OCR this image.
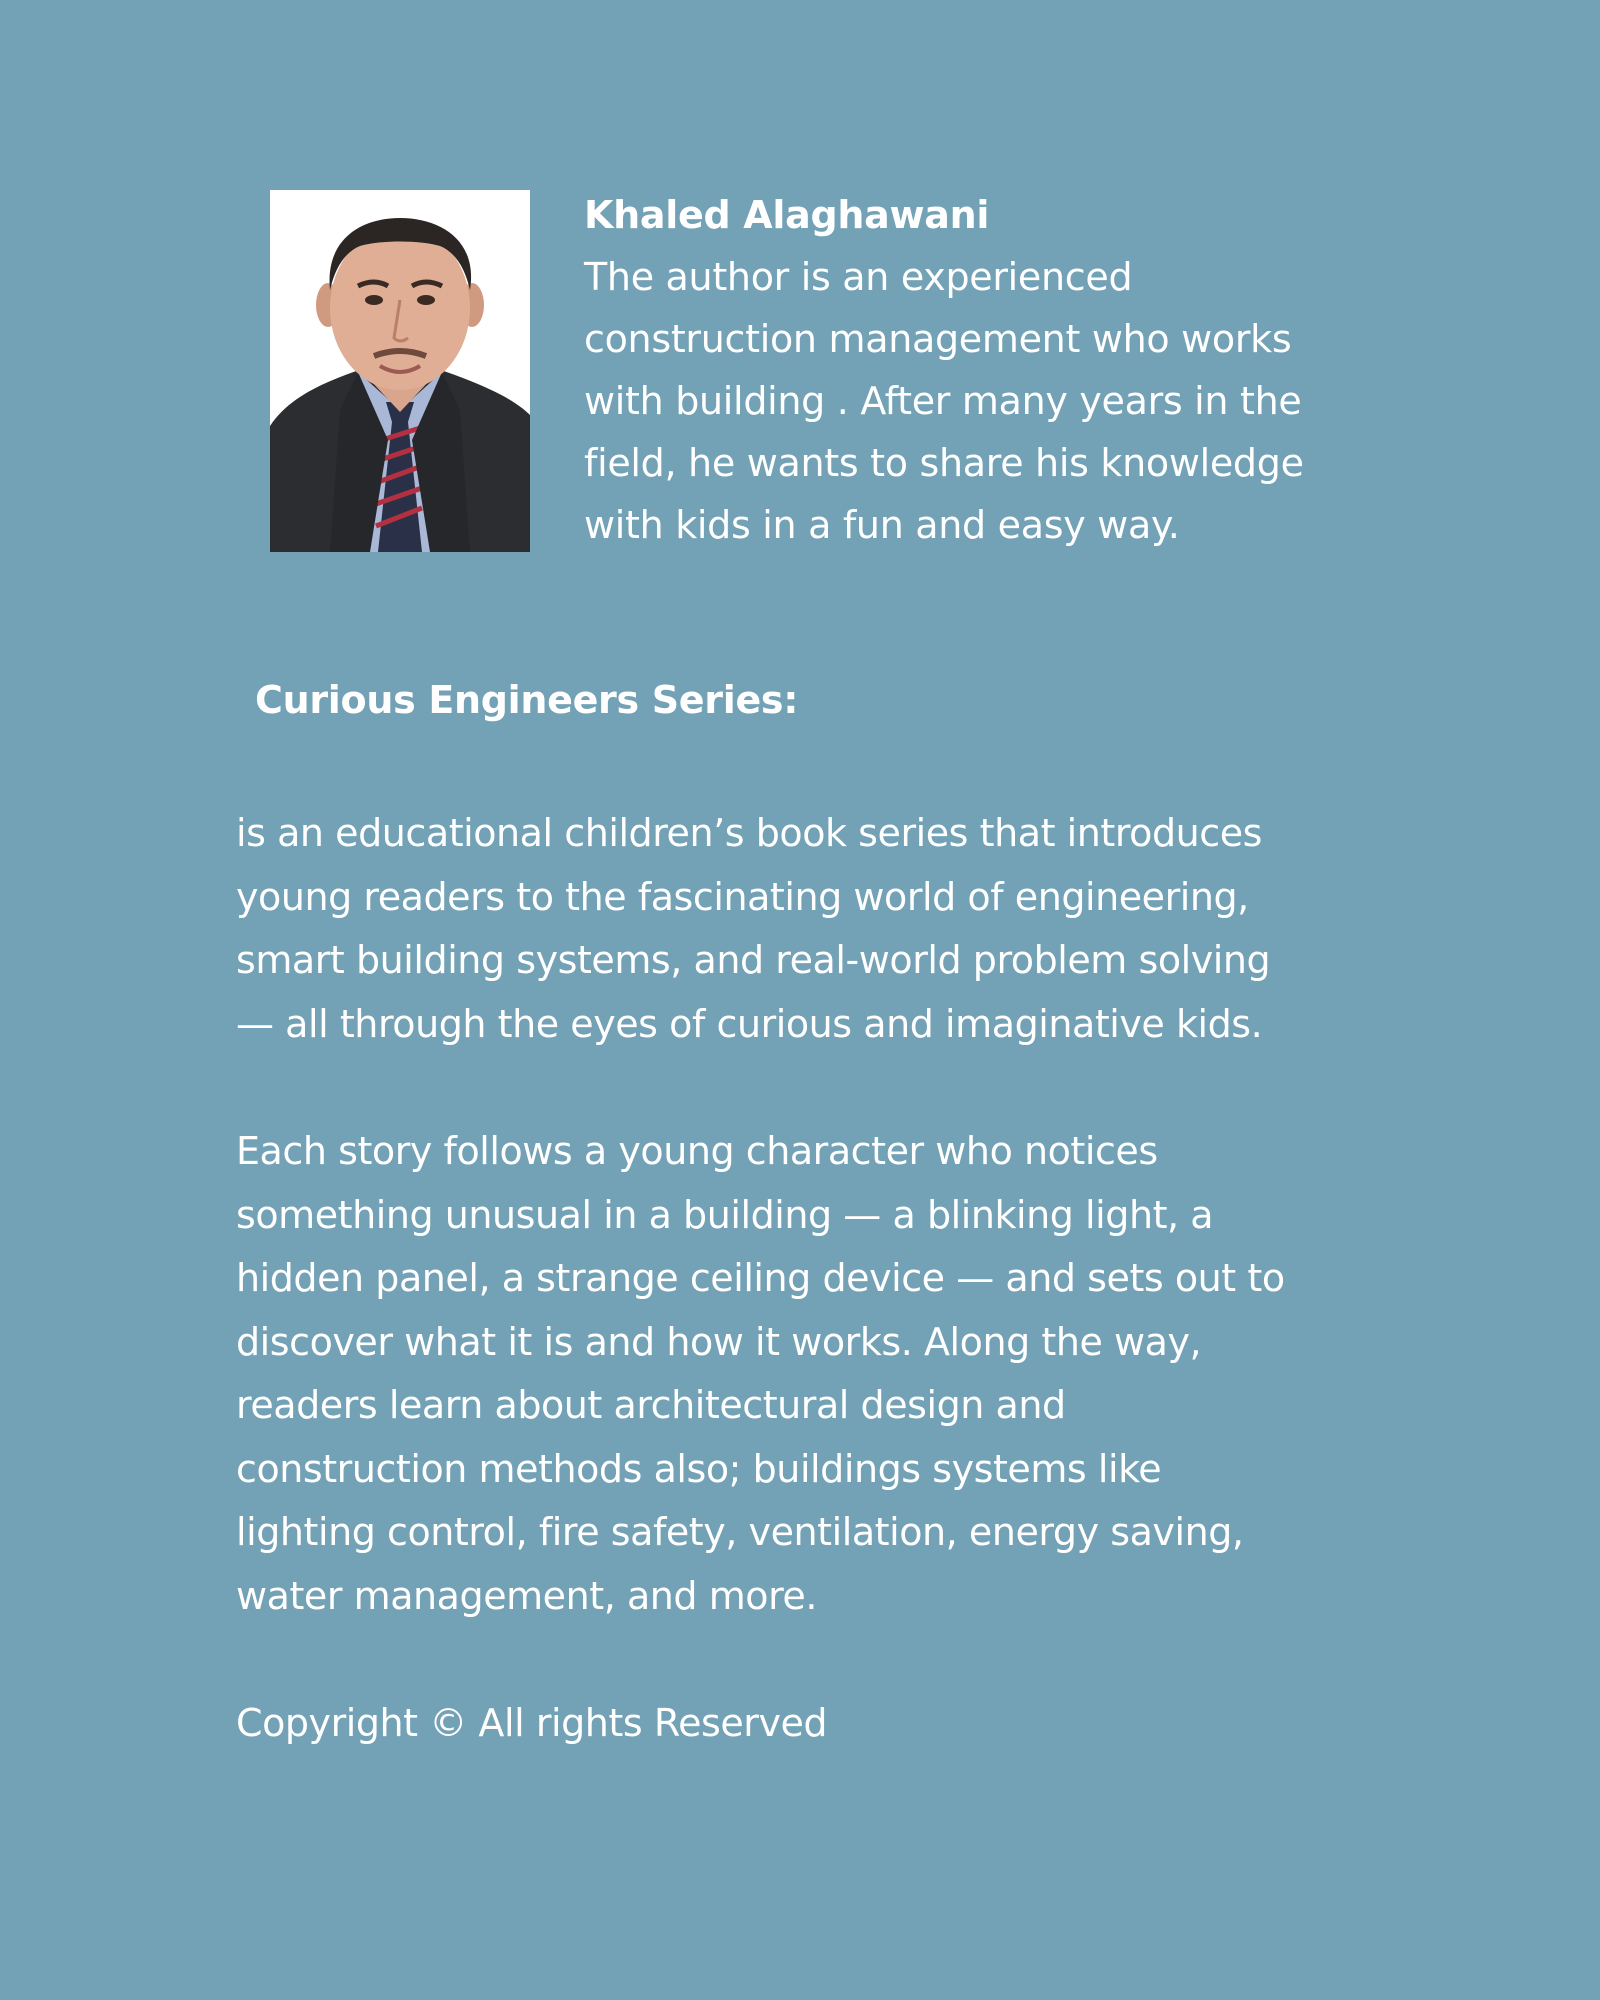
Khaled Alaghawani

The author is an experienced
construction management who works
with building . After many years in the
field, he wants to share his knowledge
with kids in a fun and easy way.
Curious Engineers Series:
is an educational children’s book series that introduces
young readers to the fascinating world of engineering,
smart building systems, and real-world problem solving
— all through the eyes of curious and imaginative kids.
Each story follows a young character who notices
something unusual in a building — a blinking light, a
hidden panel, a strange ceiling device — and sets out to
discover what it is and how it works. Along the way,
readers learn about architectural design and
construction methods also; buildings systems like
lighting control, fire safety, ventilation, energy saving,
water management, and more.
Copyright © All rights Reserved
